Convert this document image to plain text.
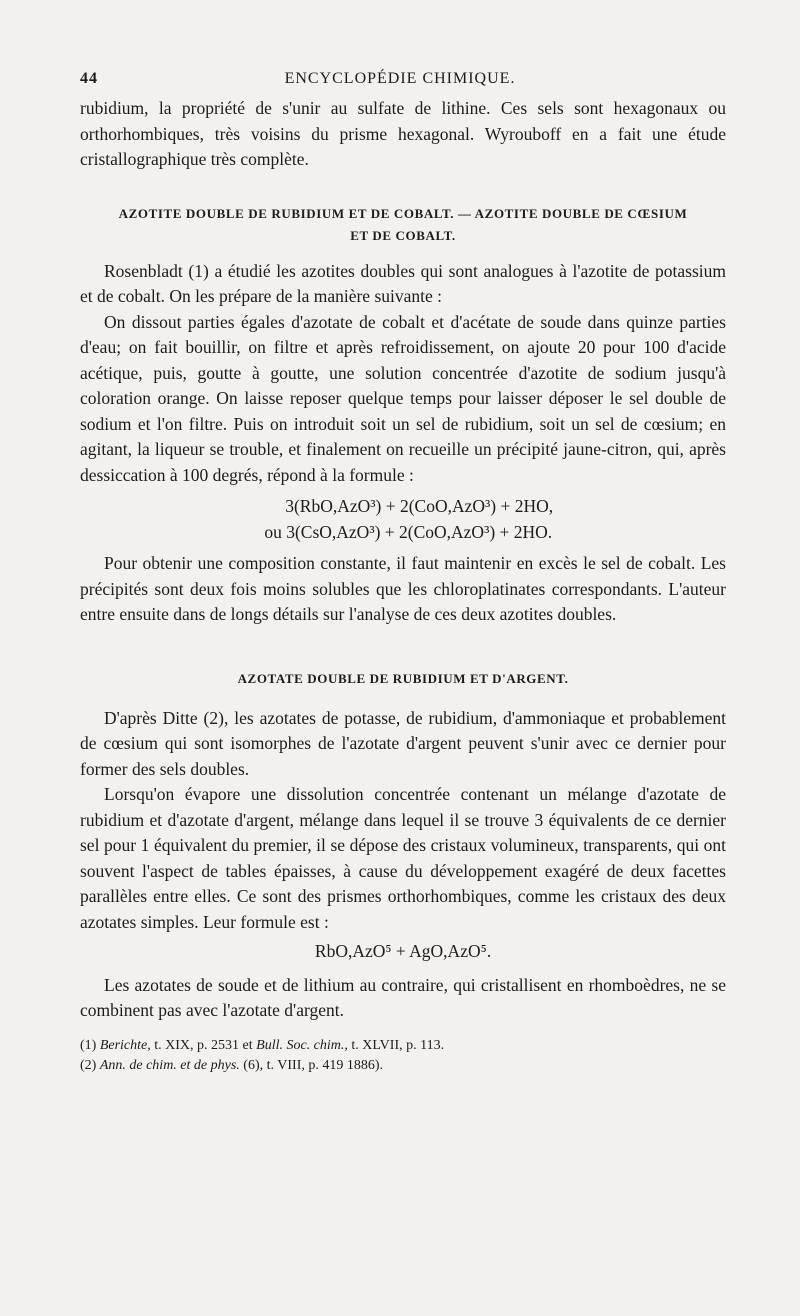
44	ENCYCLOPÉDIE CHIMIQUE.

rubidium, la propriété de s'unir au sulfate de lithine. Ces sels sont hexagonaux ou orthorhombiques, très voisins du prisme hexagonal. Wyrouboff en a fait une étude cristallographique très complète.

AZOTITE DOUBLE DE RUBIDIUM ET DE COBALT. — AZOTITE DOUBLE DE CŒSIUM
ET DE COBALT.

Rosenbladt (1) a étudié les azotites doubles qui sont analogues à l'azotite de potassium et de cobalt. On les prépare de la manière suivante :

On dissout parties égales d'azotate de cobalt et d'acétate de soude dans quinze parties d'eau; on fait bouillir, on filtre et après refroidissement, on ajoute 20 pour 100 d'acide acétique, puis, goutte à goutte, une solution concentrée d'azotite de sodium jusqu'à coloration orange. On laisse reposer quelque temps pour laisser déposer le sel double de sodium et l'on filtre. Puis on introduit soit un sel de rubidium, soit un sel de cœsium; en agitant, la liqueur se trouble, et finalement on recueille un précipité jaune-citron, qui, après dessiccation à 100 degrés, répond à la formule :

3(RbO,AzO³) + 2(CoO,AzO³) + 2HO,

ou 3(CsO,AzO³) + 2(CoO,AzO³) + 2HO.

Pour obtenir une composition constante, il faut maintenir en excès le sel de cobalt. Les précipités sont deux fois moins solubles que les chloroplatinates correspondants. L'auteur entre ensuite dans de longs détails sur l'analyse de ces deux azotites doubles.

AZOTATE DOUBLE DE RUBIDIUM ET D'ARGENT.

D'après Ditte (2), les azotates de potasse, de rubidium, d'ammoniaque et probablement de cœsium qui sont isomorphes de l'azotate d'argent peuvent s'unir avec ce dernier pour former des sels doubles.

Lorsqu'on évapore une dissolution concentrée contenant un mélange d'azotate de rubidium et d'azotate d'argent, mélange dans lequel il se trouve 3 équivalents de ce dernier sel pour 1 équivalent du premier, il se dépose des cristaux volumineux, transparents, qui ont souvent l'aspect de tables épaisses, à cause du développement exagéré de deux facettes parallèles entre elles. Ce sont des prismes orthorhombiques, comme les cristaux des deux azotates simples. Leur formule est :

RbO,AzO⁵ + AgO,AzO⁵.

Les azotates de soude et de lithium au contraire, qui cristallisent en rhomboèdres, ne se combinent pas avec l'azotate d'argent.

(1) Berichte, t. XIX, p. 2531 et Bull. Soc. chim., t. XLVII, p. 113.

(2) Ann. de chim. et de phys. (6), t. VIII, p. 419 1886).
